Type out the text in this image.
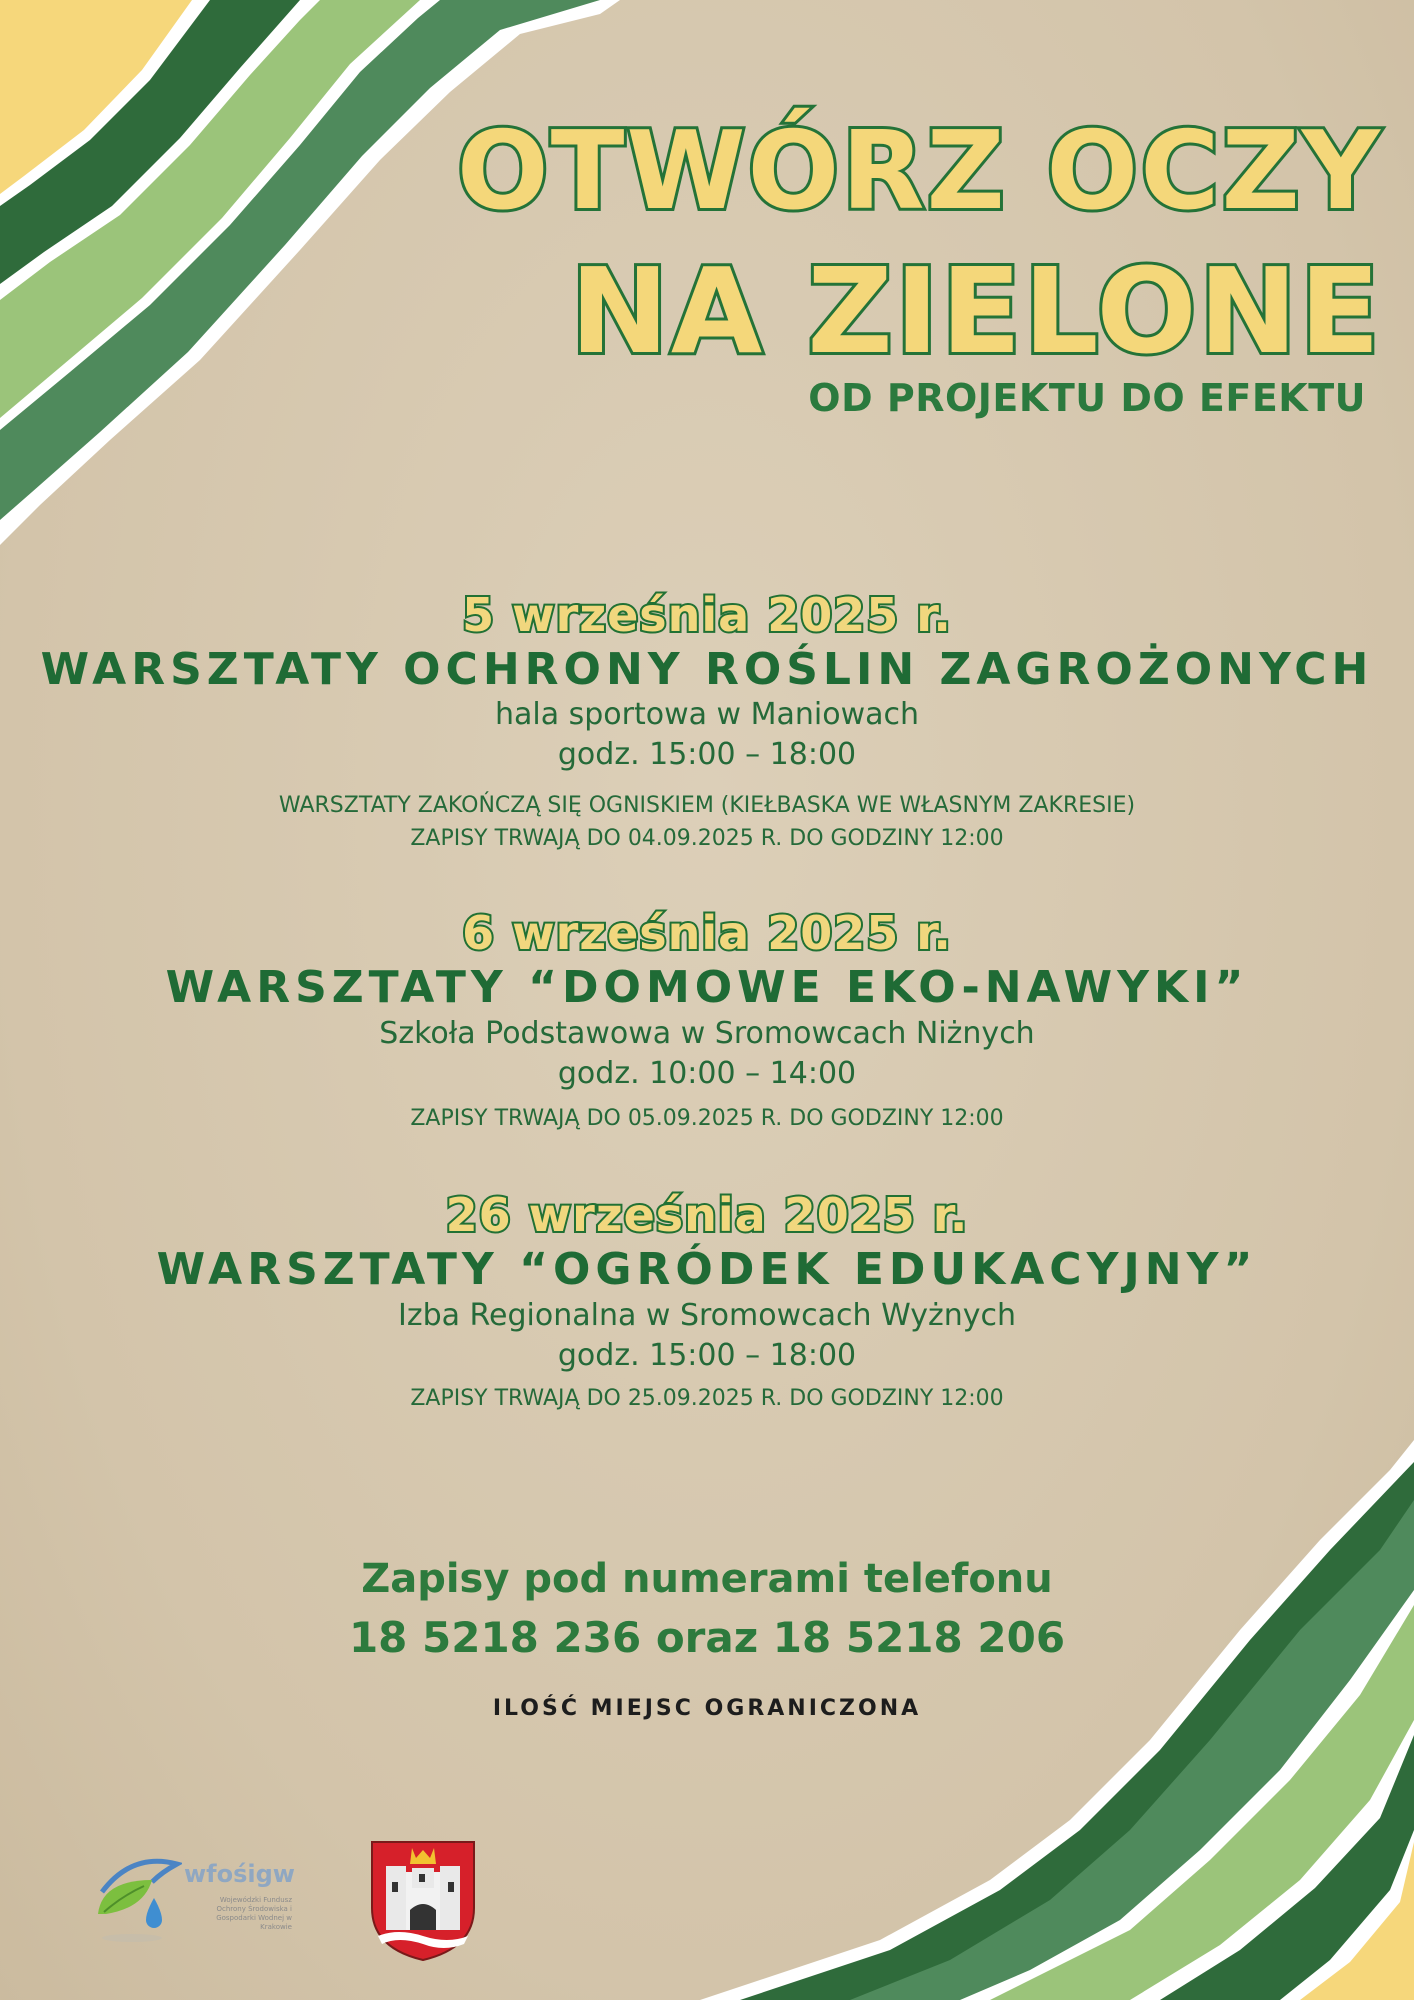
OTWÓRZ OCZY
NA ZIELONE
OD PROJEKTU DO EFEKTU
5 września 2025 r.
WARSZTATY OCHRONY ROŚLIN ZAGROŻONYCH
hala sportowa w Maniowach
godz. 15:00 – 18:00
WARSZTATY ZAKOŃCZĄ SIĘ OGNISKIEM (KIEŁBASKA WE WŁASNYM ZAKRESIE)
ZAPISY TRWAJĄ DO 04.09.2025 R. DO GODZINY 12:00
6 września 2025 r.
WARSZTATY “DOMOWE EKO-NAWYKI”
Szkoła Podstawowa w Sromowcach Niżnych
godz. 10:00 – 14:00
ZAPISY TRWAJĄ DO 05.09.2025 R. DO GODZINY 12:00
26 września 2025 r.
WARSZTATY “OGRÓDEK EDUKACYJNY”
Izba Regionalna w Sromowcach Wyżnych
godz. 15:00 – 18:00
ZAPISY TRWAJĄ DO 25.09.2025 R. DO GODZINY 12:00
Zapisy pod numerami telefonu
18 5218 236 oraz 18 5218 206
ILOŚĆ MIEJSC OGRANICZONA
wfośigw
Wojewódzki Fundusz Ochrony Środowiska i Gospodarki Wodnej w Krakowie
